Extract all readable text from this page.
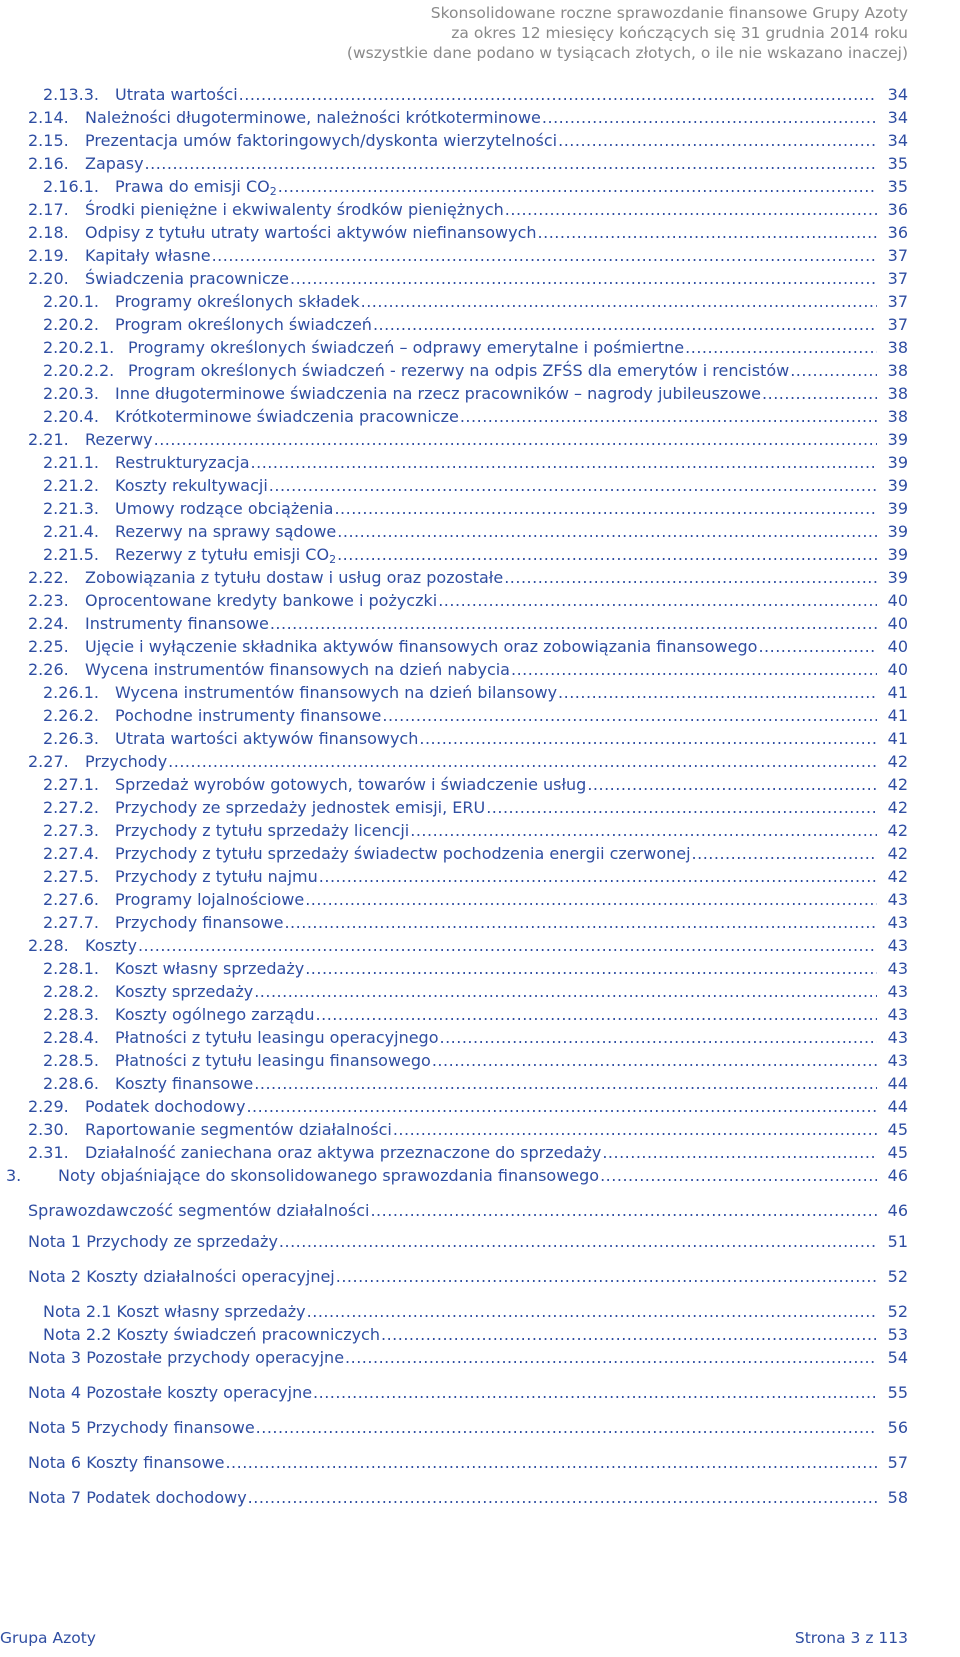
Skonsolidowane roczne sprawozdanie finansowe Grupy Azoty
za okres 12 miesięcy kończących się 31 grudnia 2014 roku
(wszystkie dane podano w tysiącach złotych, o ile nie wskazano inaczej)
2.13.3.	Utrata wartości .....	34
2.14.	Należności długoterminowe, należności krótkoterminowe .....	34
2.15.	Prezentacja umów faktoringowych/dyskonta wierzytelności .....	34
2.16.	Zapasy .....	35
2.16.1.	Prawa do emisji $CO_2$ .....	35
2.17.	Środki pieniężne i ekwiwalenty środków pieniężnych .....	36
2.18.	Odpisy z tytułu utraty wartości aktywów niefinansowych .....	36
2.19.	Kapitały własne .....	37
2.20.	Świadczenia pracownicze .....	37
2.20.1.	Programy określonych składek .....	37
2.20.2.	Program określonych świadczeń .....	37
2.20.2.1. Programy określonych świadczeń – odprawy emerytalne i pośmiertne .....	38
2.20.2.2. Program określonych świadczeń - rezerwy na odpis ZFŚS dla emerytów i rencistów .....	38
2.20.3.	Inne długoterminowe świadczenia na rzecz pracowników – nagrody jubileuszowe .....	38
2.20.4.	Krótkoterminowe świadczenia pracownicze .....	38
2.21.	Rezerwy .....	39
2.21.1.	Restrukturyzacja .....	39
2.21.2.	Koszty rekultywacji .....	39
2.21.3.	Umowy rodzące obciążenia .....	39
2.21.4.	Rezerwy na sprawy sądowe .....	39
2.21.5.	Rezerwy z tytułu emisji $CO_2$ .....	39
2.22.	Zobowiązania z tytułu dostaw i usług oraz pozostałe .....	39
2.23.	Oprocentowane kredyty bankowe i pożyczki .....	40
2.24.	Instrumenty finansowe .....	40
2.25.	Ujęcie i wyłączenie składnika aktywów finansowych oraz zobowiązania finansowego .....	40
2.26.	Wycena instrumentów finansowych na dzień nabycia .....	40
2.26.1.	Wycena instrumentów finansowych na dzień bilansowy .....	41
2.26.2.	Pochodne instrumenty finansowe .....	41
2.26.3.	Utrata wartości aktywów finansowych .....	41
2.27.	Przychody .....	42
2.27.1.	Sprzedaż wyrobów gotowych, towarów i świadczenie usług .....	42
2.27.2.	Przychody ze sprzedaży jednostek emisji, ERU .....	42
2.27.3.	Przychody z tytułu sprzedaży licencji .....	42
2.27.4.	Przychody z tytułu sprzedaży świadectw pochodzenia energii czerwonej .....	42
2.27.5.	Przychody z tytułu najmu .....	42
2.27.6.	Programy lojalnościowe .....	43
2.27.7.	Przychody finansowe .....	43
2.28.	Koszty .....	43
2.28.1.	Koszt własny sprzedaży .....	43
2.28.2.	Koszty sprzedaży .....	43
2.28.3.	Koszty ogólnego zarządu .....	43
2.28.4.	Płatności z tytułu leasingu operacyjnego .....	43
2.28.5.	Płatności z tytułu leasingu finansowego .....	43
2.28.6.	Koszty finansowe .....	44
2.29.	Podatek dochodowy .....	44
2.30.	Raportowanie segmentów działalności .....	45
2.31.	Działalność zaniechana oraz aktywa przeznaczone do sprzedaży .....	45
3.	Noty objaśniające do skonsolidowanego sprawozdania finansowego .....	46
Sprawozdawczość segmentów działalności .....	46
Nota 1 Przychody ze sprzedaży .....	51
Nota 2 Koszty działalności operacyjnej .....	52
Nota 2.1 Koszt własny sprzedaży .....	52
Nota 2.2 Koszty świadczeń pracowniczych .....	53
Nota 3 Pozostałe przychody operacyjne .....	54
Nota 4 Pozostałe koszty operacyjne .....	55
Nota 5 Przychody finansowe .....	56
Nota 6 Koszty finansowe .....	57
Nota 7 Podatek dochodowy .....	58
Grupa Azoty	Strona 3 z 113
